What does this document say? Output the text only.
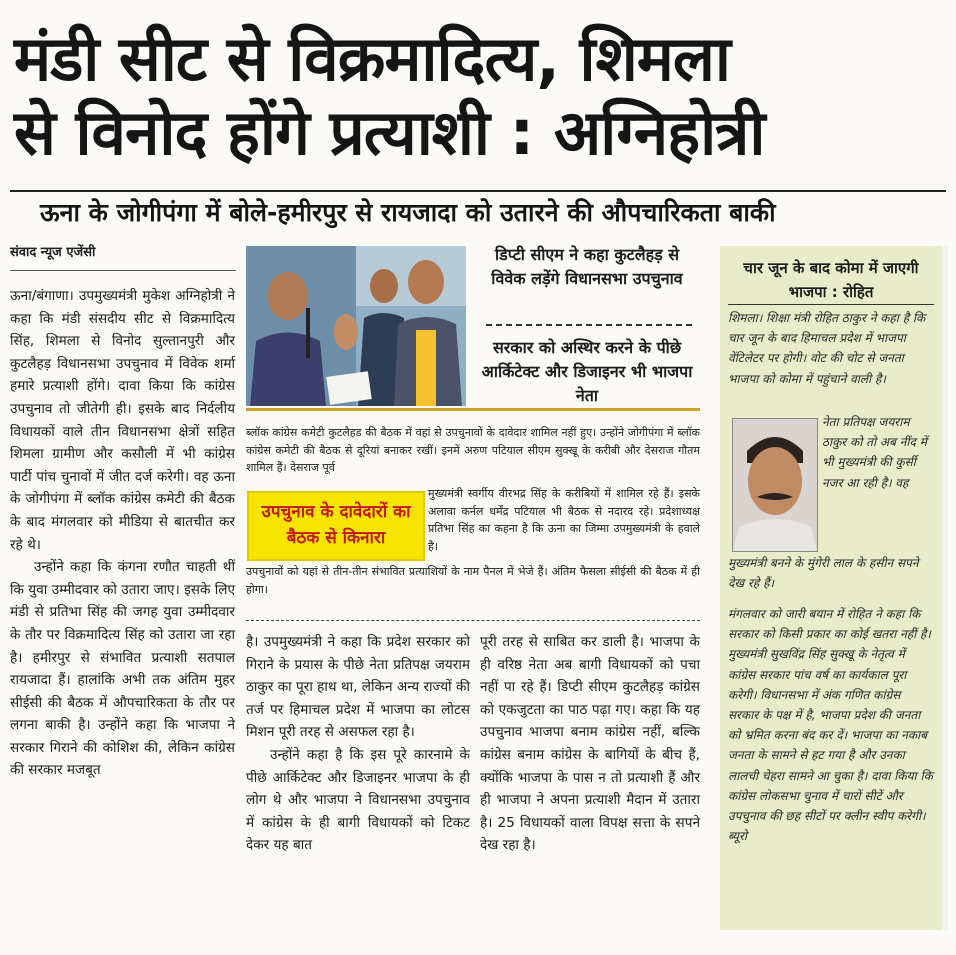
मंडी सीट से विक्रमादित्य, शिमला
से विनोद होंगे प्रत्याशी : अग्निहोत्री
ऊना के जोगीपंगा में बोले-हमीरपुर से रायजादा को उतारने की औपचारिकता बाकी
संवाद न्यूज एजेंसी

ऊना/बंगाणा। उपमुख्यमंत्री मुकेश अग्निहोत्री ने कहा कि मंडी संसदीय सीट से विक्रमादित्य सिंह, शिमला से विनोद सुल्तानपुरी और कुटलैहड़ विधानसभा उपचुनाव में विवेक शर्मा हमारे प्रत्याशी होंगे। दावा किया कि कांग्रेस उपचुनाव तो जीतेगी ही। इसके बाद निर्दलीय विधायकों वाले तीन विधानसभा क्षेत्रों सहित शिमला ग्रामीण और कसौली में भी कांग्रेस पार्टी पांच चुनावों में जीत दर्ज करेगी। वह ऊना के जोगीपंगा में ब्लॉक कांग्रेस कमेटी की बैठक के बाद मंगलवार को मीडिया से बातचीत कर रहे थे।

उन्होंने कहा कि कंगना रणौत चाहती थीं कि युवा उम्मीदवार को उतारा जाए। इसके लिए मंडी से प्रतिभा सिंह की जगह युवा उम्मीदवार के तौर पर विक्रमादित्य सिंह को उतारा जा रहा है। हमीरपुर से संभावित प्रत्याशी सतपाल रायजादा हैं। हालांकि अभी तक अंतिम मुहर सीईसी की बैठक में औपचारिकता के तौर पर लगना बाकी है। उन्होंने कहा कि भाजपा ने सरकार गिराने की कोशिश की, लेकिन कांग्रेस की सरकार मजबूत

डिप्टी सीएम ने कहा कुटलैहड़ से विवेक लड़ेंगे विधानसभा उपचुनाव
सरकार को अस्थिर करने के पीछे आर्किटेक्ट और डिजाइनर भी भाजपा नेता
ब्लॉक कांग्रेस कमेटी कुटलैहड की बैठक में वहां से उपचुनावों के दावेदार शामिल नहीं हुए। उन्होंने जोगीपंगा में ब्लॉक कांग्रेस कमेटी की बैठक से दूरियां बनाकर रखीं। इनमें अरुण पटियाल सीएम सुक्खू के करीबी और देसराज गौतम शामिल हैं। देसराज पूर्व
उपचुनाव के दावेदारों का बैठक से किनारा
मुख्यमंत्री स्वर्गीय वीरभद्र सिंह के करीबियों में शामिल रहे हैं। इसके अलावा कर्नल धर्मेंद्र पटियाल भी बैठक से नदारद रहे। प्रदेशाध्यक्ष प्रतिभा सिंह का कहना है कि ऊना का जिम्मा उपमुख्यमंत्री के हवाले है।
उपचुनावों को यहां से तीन-तीन संभावित प्रत्याशियों के नाम पैनल में भेजे हैं। अंतिम फैसला सीईसी की बैठक में ही होगा।

है। उपमुख्यमंत्री ने कहा कि प्रदेश सरकार को गिराने के प्रयास के पीछे नेता प्रतिपक्ष जयराम ठाकुर का पूरा हाथ था, लेकिन अन्य राज्यों की तर्ज पर हिमाचल प्रदेश में भाजपा का लोटस मिशन पूरी तरह से असफल रहा है।

उन्होंने कहा है कि इस पूरे कारनामे के पीछे आर्किटेक्ट और डिजाइनर भाजपा के ही लोग थे और भाजपा ने विधानसभा उपचुनाव में कांग्रेस के ही बागी विधायकों को टिकट देकर यह बात

पूरी तरह से साबित कर डाली है। भाजपा के ही वरिष्ठ नेता अब बागी विधायकों को पचा नहीं पा रहे हैं। डिप्टी सीएम कुटलैहड़ कांग्रेस को एकजुटता का पाठ पढ़ा गए। कहा कि यह उपचुनाव भाजपा बनाम कांग्रेस नहीं, बल्कि कांग्रेस बनाम कांग्रेस के बागियों के बीच हैं, क्योंकि भाजपा के पास न तो प्रत्याशी हैं और ही भाजपा ने अपना प्रत्याशी मैदान में उतारा है। 25 विधायकों वाला विपक्ष सत्ता के सपने देख रहा है।

चार जून के बाद कोमा में जाएगी भाजपा : रोहित
शिमला। शिक्षा मंत्री रोहित ठाकुर ने कहा है कि चार जून के बाद हिमाचल प्रदेश में भाजपा वेंटिलेटर पर होगी। वोट की चोट से जनता भाजपा को कोमा में पहुंचाने वाली है।
नेता प्रतिपक्ष जयराम ठाकुर को तो अब नींद में भी मुख्यमंत्री की कुर्सी नजर आ रही है। वह
मुख्यमंत्री बनने के मुंगेरी लाल के हसीन सपने देख रहे हैं।
मंगलवार को जारी बयान में रोहित ने कहा कि सरकार को किसी प्रकार का कोई खतरा नहीं है। मुख्यमंत्री सुखविंद्र सिंह सुक्खू के नेतृत्व में कांग्रेस सरकार पांच वर्ष का कार्यकाल पूरा करेगी। विधानसभा में अंक गणित कांग्रेस सरकार के पक्ष में है, भाजपा प्रदेश की जनता को भ्रमित करना बंद कर दें। भाजपा का नकाब जनता के सामने से हट गया है और उनका लालची चेहरा सामने आ चुका है। दावा किया कि कांग्रेस लोकसभा चुनाव में चारों सीटें और उपचुनाव की छह सीटों पर क्लीन स्वीप करेगी। ब्यूरो
